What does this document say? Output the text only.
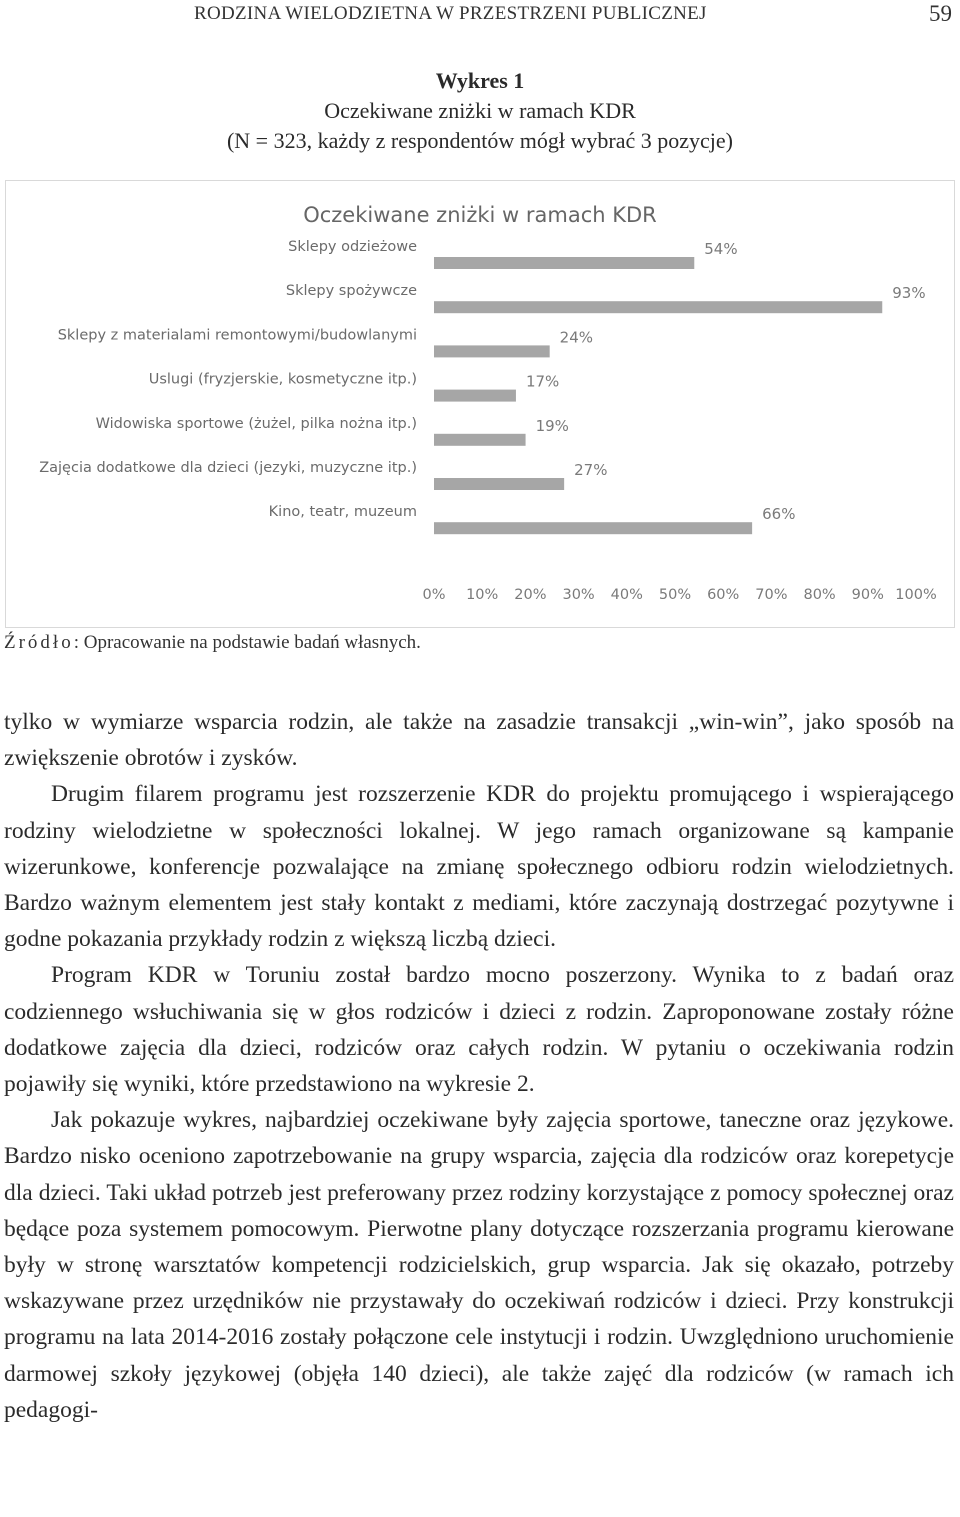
RODZINA WIELODZIETNA W PRZESTRZENI PUBLICZNEJ	59
Wykres 1
Oczekiwane zniżki w ramach KDR
(N = 323, każdy z respondentów mógł wybrać 3 pozycje)
Oczekiwane zniżki w ramach KDR
Sklepy odzieżowe	54%
Sklepy spożywcze	93%
Sklepy z materialami remontowymi/budowlanymi	24%
Uslugi (fryzjerskie, kosmetyczne itp.)	17%
Widowiska sportowe (żużel, pilka nożna itp.)	19%
Zajęcia dodatkowe dla dzieci (jezyki, muzyczne itp.)	27%
Kino, teatr, muzeum	66%
0% 10% 20% 30% 40% 50% 60% 70% 80% 90% 100%
Źródło: Opracowanie na podstawie badań własnych.

tylko w wymiarze wsparcia rodzin, ale także na zasadzie transakcji „win-win”, jako sposób na zwiększenie obrotów i zysków.

Drugim filarem programu jest rozszerzenie KDR do projektu promującego i wspierającego rodziny wielodzietne w społeczności lokalnej. W jego ramach organizowane są kampanie wizerunkowe, konferencje pozwalające na zmianę społecznego odbioru rodzin wielodzietnych. Bardzo ważnym elementem jest stały kontakt z mediami, które zaczynają dostrzegać pozytywne i godne pokazania przykłady rodzin z większą liczbą dzieci.

Program KDR w Toruniu został bardzo mocno poszerzony. Wynika to z badań oraz codziennego wsłuchiwania się w głos rodziców i dzieci z rodzin. Zaproponowane zostały różne dodatkowe zajęcia dla dzieci, rodziców oraz całych rodzin. W pytaniu o oczekiwania rodzin pojawiły się wyniki, które przedstawiono na wykresie 2.

Jak pokazuje wykres, najbardziej oczekiwane były zajęcia sportowe, taneczne oraz językowe. Bardzo nisko oceniono zapotrzebowanie na grupy wsparcia, zajęcia dla rodziców oraz korepetycje dla dzieci. Taki układ potrzeb jest preferowany przez rodziny korzystające z pomocy społecznej oraz będące poza systemem pomocowym. Pierwotne plany dotyczące rozszerzania programu kierowane były w stronę warsztatów kompetencji rodzicielskich, grup wsparcia. Jak się okazało, potrzeby wskazywane przez urzędników nie przystawały do oczekiwań rodziców i dzieci. Przy konstrukcji programu na lata 2014-2016 zostały połączone cele instytucji i rodzin. Uwzględniono uruchomienie darmowej szkoły językowej (objęła 140 dzieci), ale także zajęć dla rodziców (w ramach ich pedagogi-
